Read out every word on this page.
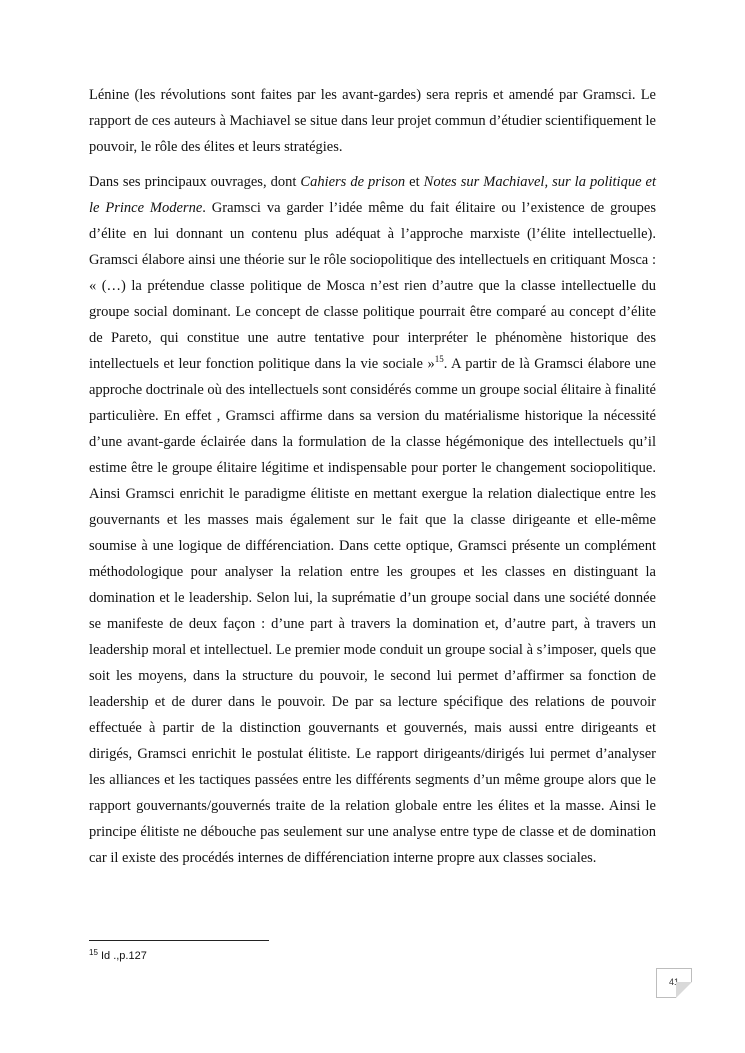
Lénine (les révolutions sont faites par les avant-gardes) sera repris et amendé par Gramsci. Le rapport de ces auteurs à Machiavel se situe dans leur projet commun d’étudier scientifiquement le pouvoir, le rôle des élites et leurs stratégies.

Dans ses principaux ouvrages, dont Cahiers de prison et Notes sur Machiavel, sur la politique et le Prince Moderne. Gramsci va garder l’idée même du fait élitaire ou l’existence de groupes d’élite en lui donnant un contenu plus adéquat à l’approche marxiste (l’élite intellectuelle). Gramsci élabore ainsi une théorie sur le rôle sociopolitique des intellectuels en critiquant Mosca : « (…) la prétendue classe politique de Mosca n’est rien d’autre que la classe intellectuelle du groupe social dominant. Le concept de classe politique pourrait être comparé au concept d’élite de Pareto, qui constitue une autre tentative pour interpréter le phénomène historique des intellectuels et leur fonction politique dans la vie sociale »$^{15}$. A partir de là Gramsci élabore une approche doctrinale où des intellectuels sont considérés comme un groupe social élitaire à finalité particulière. En effet , Gramsci affirme dans sa version du matérialisme historique la nécessité d’une avant-garde éclairée dans la formulation de la classe hégémonique des intellectuels qu’il estime être le groupe élitaire légitime et indispensable pour porter le changement sociopolitique. Ainsi Gramsci enrichit le paradigme élitiste en mettant exergue la relation dialectique entre les gouvernants et les masses mais également sur le fait que la classe dirigeante et elle-même soumise à une logique de différenciation. Dans cette optique, Gramsci présente un complément méthodologique pour analyser la relation entre les groupes et les classes en distinguant la domination et le leadership. Selon lui, la suprématie d’un groupe social dans une société donnée se manifeste de deux façon : d’une part à travers la domination et, d’autre part, à travers un leadership moral et intellectuel. Le premier mode conduit un groupe social à s’imposer, quels que soit les moyens, dans la structure du pouvoir, le second lui permet d’affirmer sa fonction de leadership et de durer dans le pouvoir. De par sa lecture spécifique des relations de pouvoir effectuée à partir de la distinction gouvernants et gouvernés, mais aussi entre dirigeants et dirigés, Gramsci enrichit le postulat élitiste. Le rapport dirigeants/dirigés lui permet d’analyser les alliances et les tactiques passées entre les différents segments d’un même groupe alors que le rapport gouvernants/gouvernés traite de la relation globale entre les élites et la masse. Ainsi le principe élitiste ne débouche pas seulement sur une analyse entre type de classe et de domination car il existe des procédés internes de différenciation interne propre aux classes sociales.

$^{15}$ Id .,p.127
41
